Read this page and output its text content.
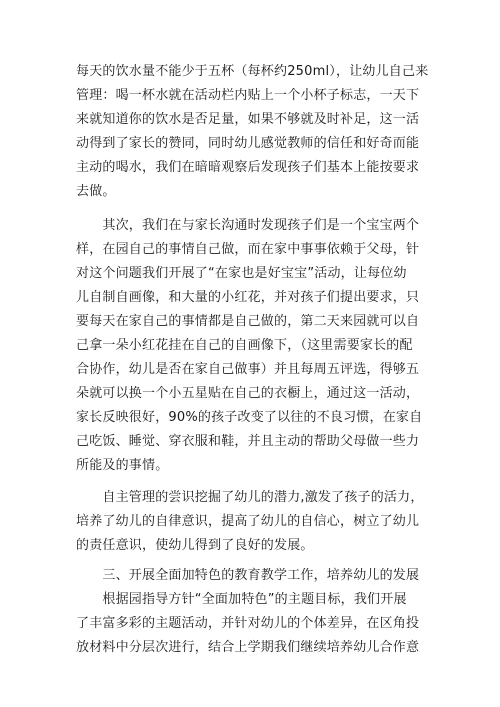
每天的饮水量不能少于五杯（每杯约250ml），让幼儿自己来
管理：喝一杯水就在活动栏内贴上一个小杯子标志，一天下
来就知道你的饮水是否足量，如果不够就及时补足，这一活
动得到了家长的赞同，同时幼儿感觉教师的信任和好奇而能
主动的喝水，我们在暗暗观察后发现孩子们基本上能按要求
去做。
　　其次，我们在与家长沟通时发现孩子们是一个宝宝两个
样，在园自己的事情自己做，而在家中事事依赖于父母，针
对这个问题我们开展了“在家也是好宝宝”活动，让每位幼
儿自制自画像，和大量的小红花，并对孩子们提出要求，只
要每天在家自己的事情都是自己做的，第二天来园就可以自
己拿一朵小红花挂在自己的自画像下，（这里需要家长的配
合协作，幼儿是否在家自己做事）并且每周五评选，得够五
朵就可以换一个小五星贴在自己的衣橱上，通过这一活动，
家长反映很好，90%的孩子改变了以往的不良习惯，在家自
己吃饭、睡觉、穿衣服和鞋，并且主动的帮助父母做一些力
所能及的事情。
　　自主管理的尝识挖掘了幼儿的潜力,激发了孩子的活力，
培养了幼儿的自律意识，提高了幼儿的自信心，树立了幼儿
的责任意识，使幼儿得到了良好的发展。
　　三、开展全面加特色的教育教学工作，培养幼儿的发展
　　根据园指导方针“全面加特色”的主题目标，我们开展
了丰富多彩的主题活动，并针对幼儿的个体差异，在区角投
放材料中分层次进行，结合上学期我们继续培养幼儿合作意
